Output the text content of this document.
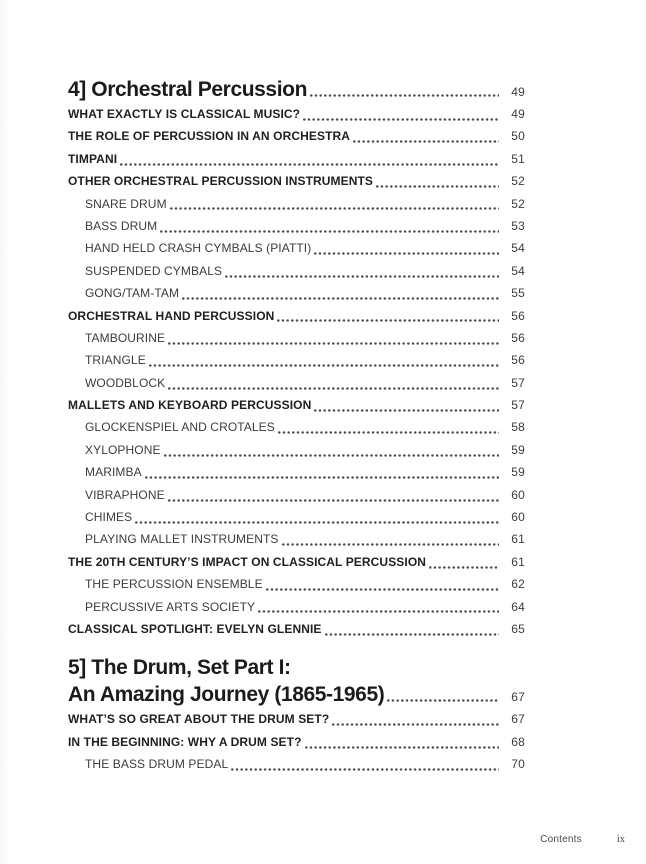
4] Orchestral Percussion	49
WHAT EXACTLY IS CLASSICAL MUSIC?	49
THE ROLE OF PERCUSSION IN AN ORCHESTRA	50
TIMPANI	51
OTHER ORCHESTRAL PERCUSSION INSTRUMENTS	52
SNARE DRUM	52
BASS DRUM	53
HAND HELD CRASH CYMBALS (PIATTI)	54
SUSPENDED CYMBALS	54
GONG/TAM-TAM	55
ORCHESTRAL HAND PERCUSSION	56
TAMBOURINE	56
TRIANGLE	56
WOODBLOCK	57
MALLETS AND KEYBOARD PERCUSSION	57
GLOCKENSPIEL AND CROTALES	58
XYLOPHONE	59
MARIMBA	59
VIBRAPHONE	60
CHIMES	60
PLAYING MALLET INSTRUMENTS	61
THE 20TH CENTURY’S IMPACT ON CLASSICAL PERCUSSION	61
THE PERCUSSION ENSEMBLE	62
PERCUSSIVE ARTS SOCIETY	64
CLASSICAL SPOTLIGHT: EVELYN GLENNIE	65
5] The Drum, Set Part I:
An Amazing Journey (1865-1965)	67
WHAT’S SO GREAT ABOUT THE DRUM SET?	67
IN THE BEGINNING: WHY A DRUM SET?	68
THE BASS DRUM PEDAL	70
Contents	ix
